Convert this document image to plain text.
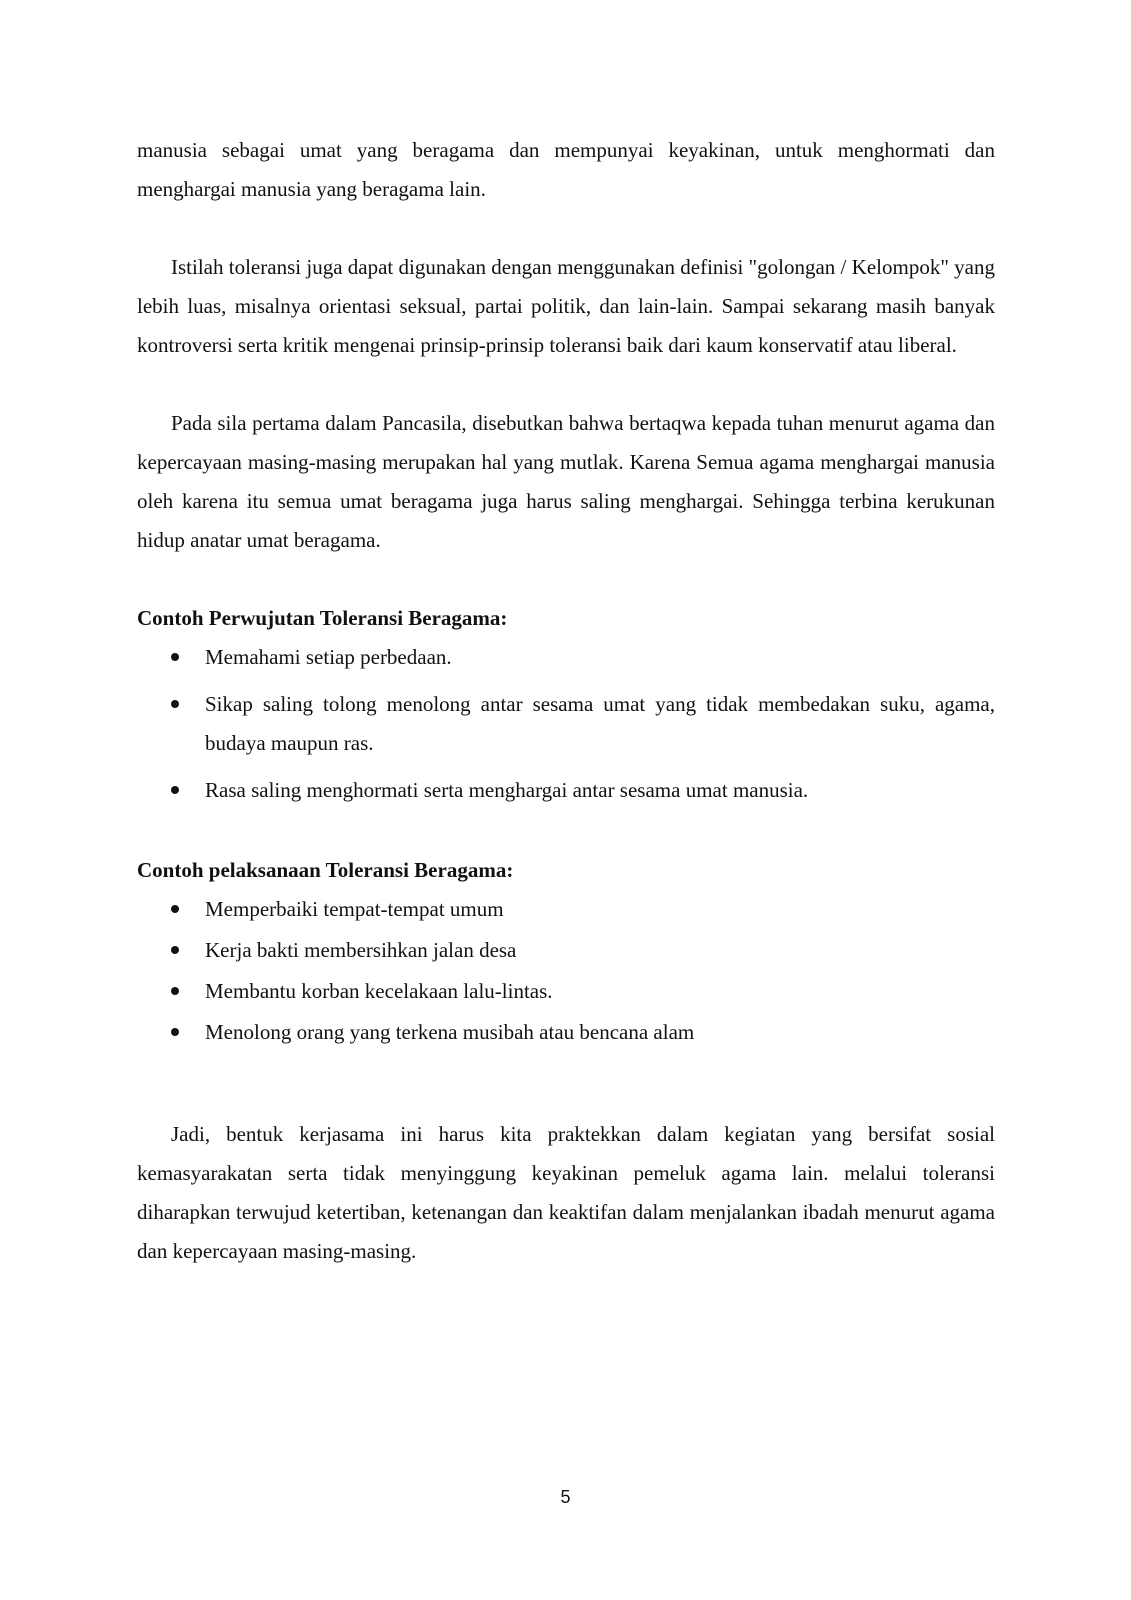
manusia sebagai umat yang beragama dan mempunyai keyakinan, untuk menghormati dan menghargai manusia yang beragama lain.

Istilah toleransi juga dapat digunakan dengan menggunakan definisi "golongan / Kelompok" yang lebih luas, misalnya orientasi seksual, partai politik, dan lain-lain. Sampai sekarang masih banyak kontroversi serta kritik mengenai prinsip-prinsip toleransi baik dari kaum konservatif atau liberal.

Pada sila pertama dalam Pancasila, disebutkan bahwa bertaqwa kepada tuhan menurut agama dan kepercayaan masing-masing merupakan hal yang mutlak. Karena Semua agama menghargai manusia oleh karena itu semua umat beragama juga harus saling menghargai. Sehingga terbina kerukunan hidup anatar umat beragama.

Contoh Perwujutan Toleransi Beragama:
Memahami setiap perbedaan.
Sikap saling tolong menolong antar sesama umat yang tidak membedakan suku, agama, budaya maupun ras.
Rasa saling menghormati serta menghargai antar sesama umat manusia.
Contoh pelaksanaan Toleransi Beragama:
Memperbaiki tempat-tempat umum
Kerja bakti membersihkan jalan desa
Membantu korban kecelakaan lalu-lintas.
Menolong orang yang terkena musibah atau bencana alam

Jadi, bentuk kerjasama ini harus kita praktekkan dalam kegiatan yang bersifat sosial kemasyarakatan serta tidak menyinggung keyakinan pemeluk agama lain. melalui toleransi diharapkan terwujud ketertiban, ketenangan dan keaktifan dalam menjalankan ibadah menurut agama dan kepercayaan masing-masing.

5
